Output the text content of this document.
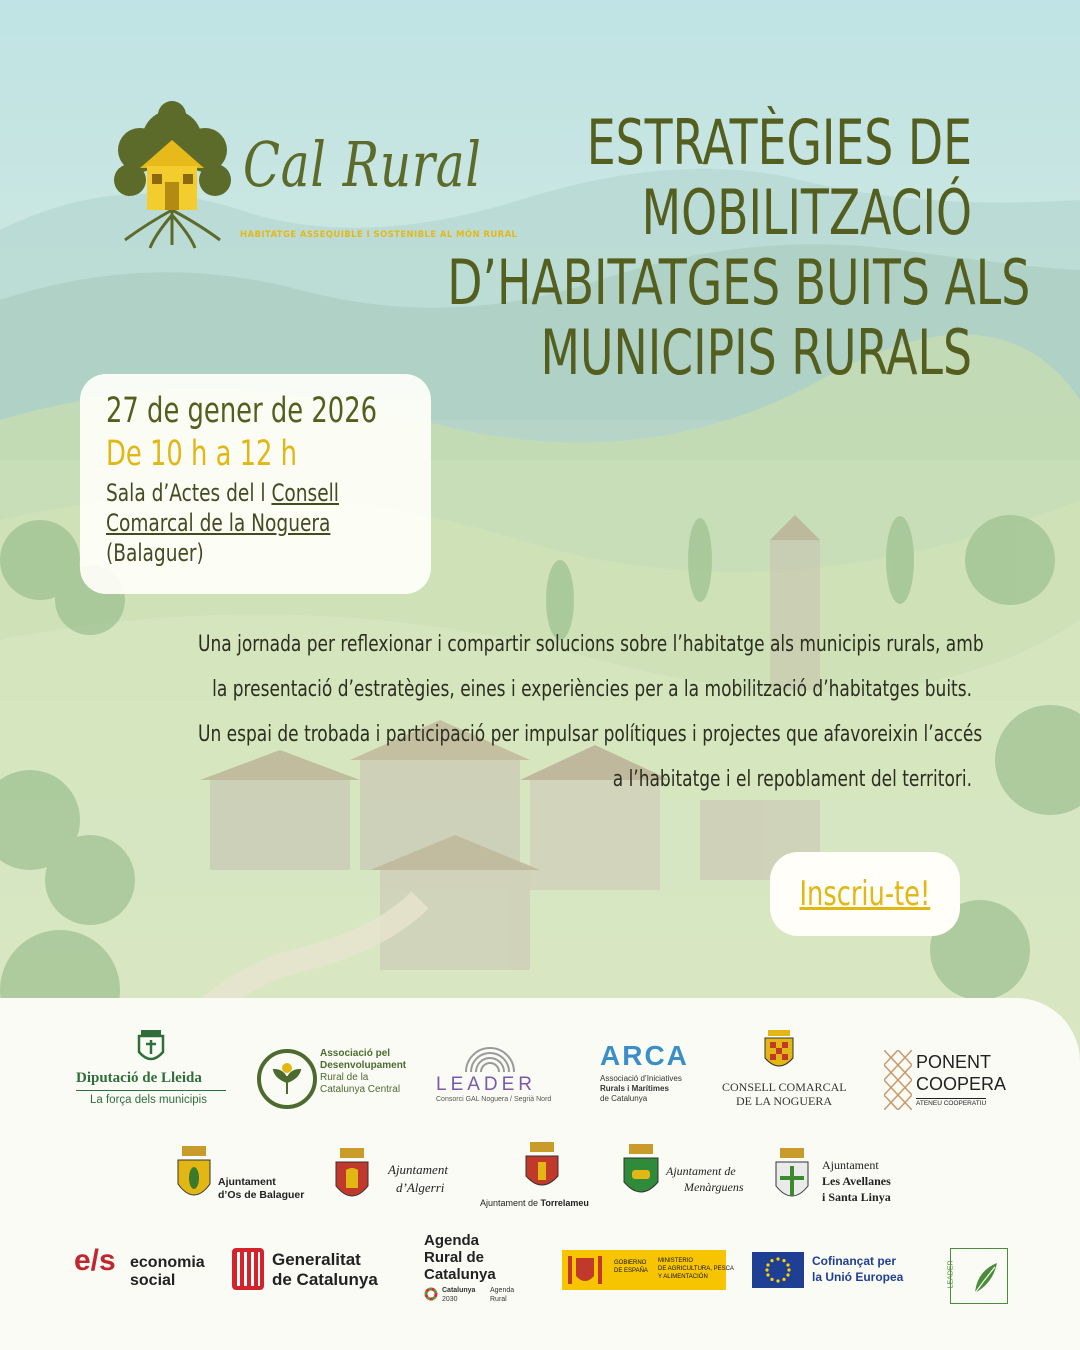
Cal Rural
HABITATGE ASSEQUIBLE I SOSTENIBLE AL MÓN RURAL
ESTRATÈGIES DE
MOBILITZACIÓ
D’HABITATGES BUITS ALS
MUNICIPIS RURALS
27 de gener de 2026
De 10 h a 12 h
Sala d’Actes del l Consell
Comarcal de la Noguera
(Balaguer)
Una jornada per reflexionar i compartir solucions sobre l’habitatge als municipis rurals, amb
la presentació d’estratègies, eines i experiències per a la mobilització d’habitatges buits.
Un espai de trobada i participació per impulsar polítiques i projectes que afavoreixin l’accés
a l’habitatge i el repoblament del territori.
Inscriu-te!
Diputació de Lleida
La força dels municipis
Associació pel
Desenvolupament
Rural de la
Catalunya Central LEADER
Consorci GAL Noguera / Segrià Nord
ARCA
Associació d’Iniciatives
Rurals i Marítimes
de Catalunya
CONSELL COMARCAL
DE LA NOGUERA
PONENT
COOPERA
ATENEU COOPERATIU
Ajuntament
d’Os de Balaguer
Ajuntament
d’Algerri
Ajuntament de Torrelameu
Ajuntament de
Menàrguens
Ajuntament
Les Avellanes
i Santa Linya
e/s economia
social
Generalitat
de Catalunya
Agenda
Rural de
Catalunya
Catalunya
2030
Agenda
Rural
GOBIERNO
DE ESPAÑA
MINISTERIO
DE AGRICULTURA, PESCA
Y ALIMENTACIÓN
Cofinançat per
la Unió Europea	LEADER
